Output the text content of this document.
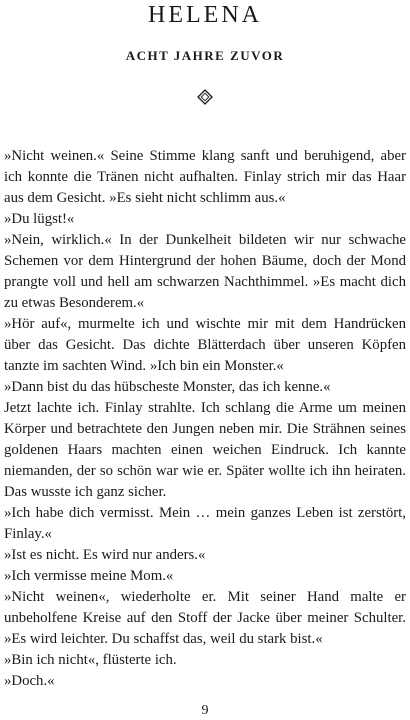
HELENA
ACHT JAHRE ZUVOR

»Nicht weinen.« Seine Stimme klang sanft und beruhigend, aber ich konnte die Tränen nicht aufhalten. Finlay strich mir das Haar aus dem Gesicht. »Es sieht nicht schlimm aus.«

»Du lügst!«

»Nein, wirklich.« In der Dunkelheit bildeten wir nur schwache Schemen vor dem Hintergrund der hohen Bäume, doch der Mond prangte voll und hell am schwarzen Nachthimmel. »Es macht dich zu etwas Besonderem.«

»Hör auf«, murmelte ich und wischte mir mit dem Handrücken über das Gesicht. Das dichte Blätterdach über unseren Köpfen tanzte im sachten Wind. »Ich bin ein Monster.«

»Dann bist du das hübscheste Monster, das ich kenne.«

Jetzt lachte ich. Finlay strahlte. Ich schlang die Arme um meinen Körper und betrachtete den Jungen neben mir. Die Strähnen seines goldenen Haars machten einen weichen Eindruck. Ich kannte niemanden, der so schön war wie er. Später wollte ich ihn heiraten. Das wusste ich ganz sicher.

»Ich habe dich vermisst. Mein … mein ganzes Leben ist zerstört, Finlay.«

»Ist es nicht. Es wird nur anders.«

»Ich vermisse meine Mom.«

»Nicht weinen«, wiederholte er. Mit seiner Hand malte er unbeholfene Kreise auf den Stoff der Jacke über meiner Schulter. »Es wird leichter. Du schaffst das, weil du stark bist.«

»Bin ich nicht«, flüsterte ich.

»Doch.«

9
